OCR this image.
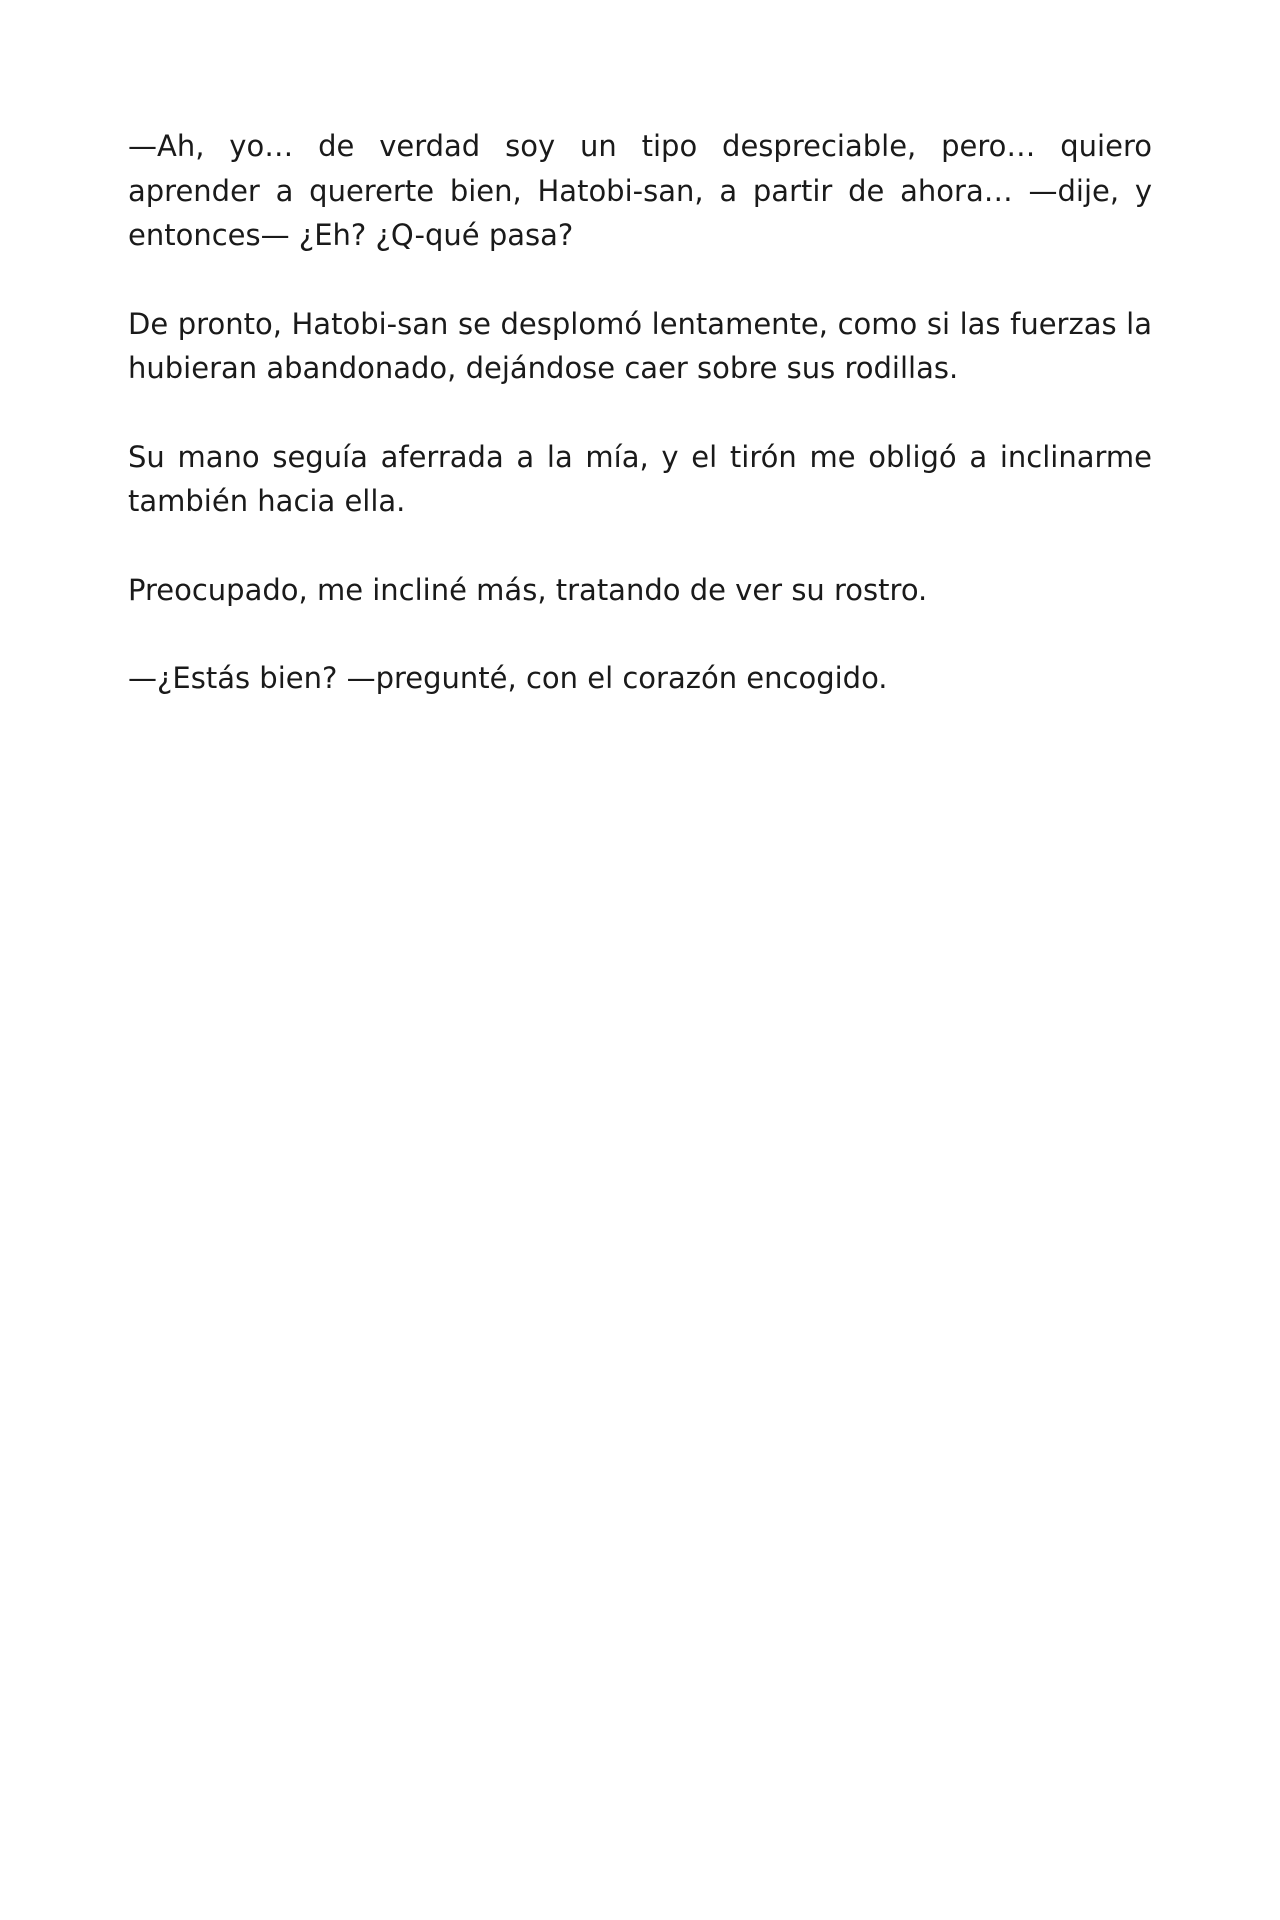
—Ah, yo… de verdad soy un tipo despreciable, pero… quiero aprender a quererte bien, Hatobi-san, a partir de ahora… —dije, y entonces— ¿Eh? ¿Q-qué pasa?

De pronto, Hatobi-san se desplomó lentamente, como si las fuerzas la hubieran abandonado, dejándose caer sobre sus rodillas.

Su mano seguía aferrada a la mía, y el tirón me obligó a inclinarme también hacia ella.

Preocupado, me incliné más, tratando de ver su rostro.

—¿Estás bien? —pregunté, con el corazón encogido.
